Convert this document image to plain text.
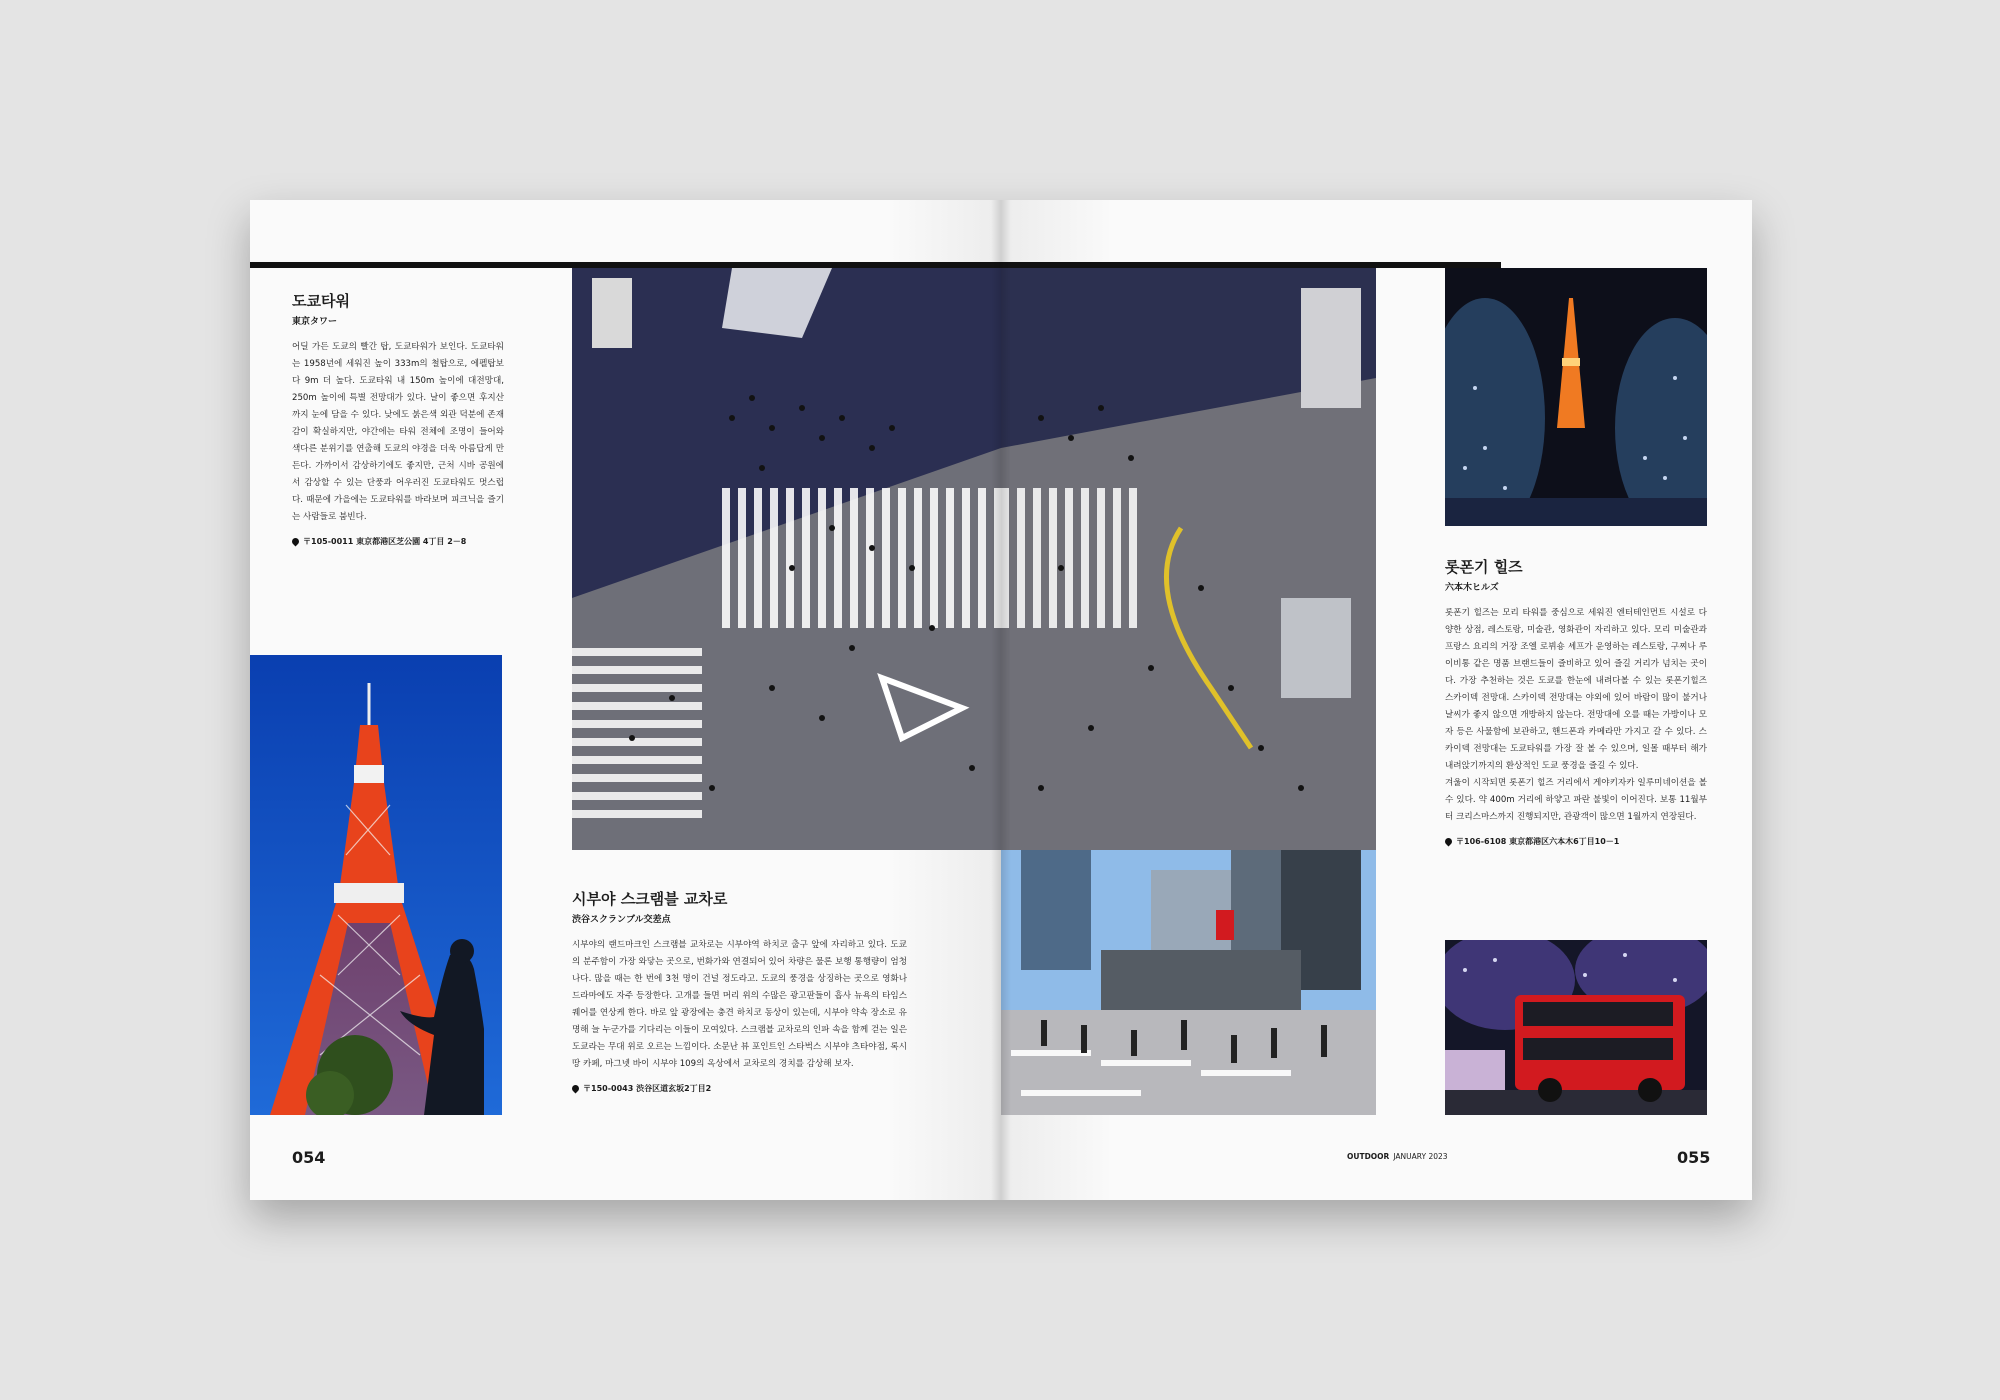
도쿄타워
東京タワー

어딜 가든 도쿄의 빨간 탑, 도쿄타워가 보인다. 도쿄타워는 1958년에 세워진 높이 333m의 철탑으로, 에펠탑보다 9m 더 높다. 도쿄타워 내 150m 높이에 대전망대, 250m 높이에 특별 전망대가 있다. 날이 좋으면 후지산까지 눈에 담을 수 있다. 낮에도 붉은색 외관 덕분에 존재감이 확실하지만, 야간에는 타워 전체에 조명이 들어와 색다른 분위기를 연출해 도쿄의 야경을 더욱 아름답게 만든다. 가까이서 감상하기에도 좋지만, 근처 시바 공원에서 감상할 수 있는 단풍과 어우러진 도쿄타워도 멋스럽다. 때문에 가을에는 도쿄타워를 바라보며 피크닉을 즐기는 사람들로 붐빈다.

〒105-0011 東京都港区芝公園 4丁目 2－8
시부야 스크램블 교차로
渋谷スクランブル交差点

시부야의 랜드마크인 스크램블 교차로는 시부야역 하치코 출구 앞에 자리하고 있다. 도쿄의 분주함이 가장 와닿는 곳으로, 번화가와 연결되어 있어 차량은 물론 보행 통행량이 엄청나다. 많을 때는 한 번에 3천 명이 건널 정도라고. 도쿄의 풍경을 상징하는 곳으로 영화나 드라마에도 자주 등장한다. 고개를 들면 머리 위의 수많은 광고판들이 흡사 뉴욕의 타임스퀘어를 연상케 한다. 바로 앞 광장에는 충견 하치코 동상이 있는데, 시부야 약속 장소로 유명해 늘 누군가를 기다리는 이들이 모여있다. 스크램블 교차로의 인파 속을 함께 걷는 일은 도쿄라는 무대 위로 오르는 느낌이다. 소문난 뷰 포인트인 스타벅스 시부야 츠타야점, 록시땅 카페, 마그넷 바이 시부야 109의 옥상에서 교차로의 경치를 감상해 보자.

〒150-0043 渋谷区道玄坂2丁目2
054
롯폰기 힐즈
六本木ヒルズ

롯폰기 힐즈는 모리 타워를 중심으로 세워진 엔터테인먼트 시설로 다양한 상점, 레스토랑, 미술관, 영화관이 자리하고 있다. 모리 미술관과 프랑스 요리의 거장 조엘 로뷔숑 셰프가 운영하는 레스토랑, 구찌나 루이비통 같은 명품 브랜드들이 즐비하고 있어 즐길 거리가 넘치는 곳이다. 가장 추천하는 것은 도쿄를 한눈에 내려다볼 수 있는 롯폰기힐즈 스카이덱 전망대. 스카이덱 전망대는 야외에 있어 바람이 많이 불거나 날씨가 좋지 않으면 개방하지 않는다. 전망대에 오를 때는 가방이나 모자 등은 사물함에 보관하고, 핸드폰과 카메라만 가지고 갈 수 있다. 스카이덱 전망대는 도쿄타워를 가장 잘 볼 수 있으며, 일몰 때부터 해가 내려앉기까지의 환상적인 도쿄 풍경을 즐길 수 있다.

겨울이 시작되면 롯폰기 힐즈 거리에서 게야키자카 일루미네이션을 볼 수 있다. 약 400m 거리에 하얗고 파란 불빛이 이어진다. 보통 11월부터 크리스마스까지 진행되지만, 관광객이 많으면 1월까지 연장된다.

〒106-6108 東京都港区六本木6丁目10－1
OUTDOOR JANUARY 2023	055
